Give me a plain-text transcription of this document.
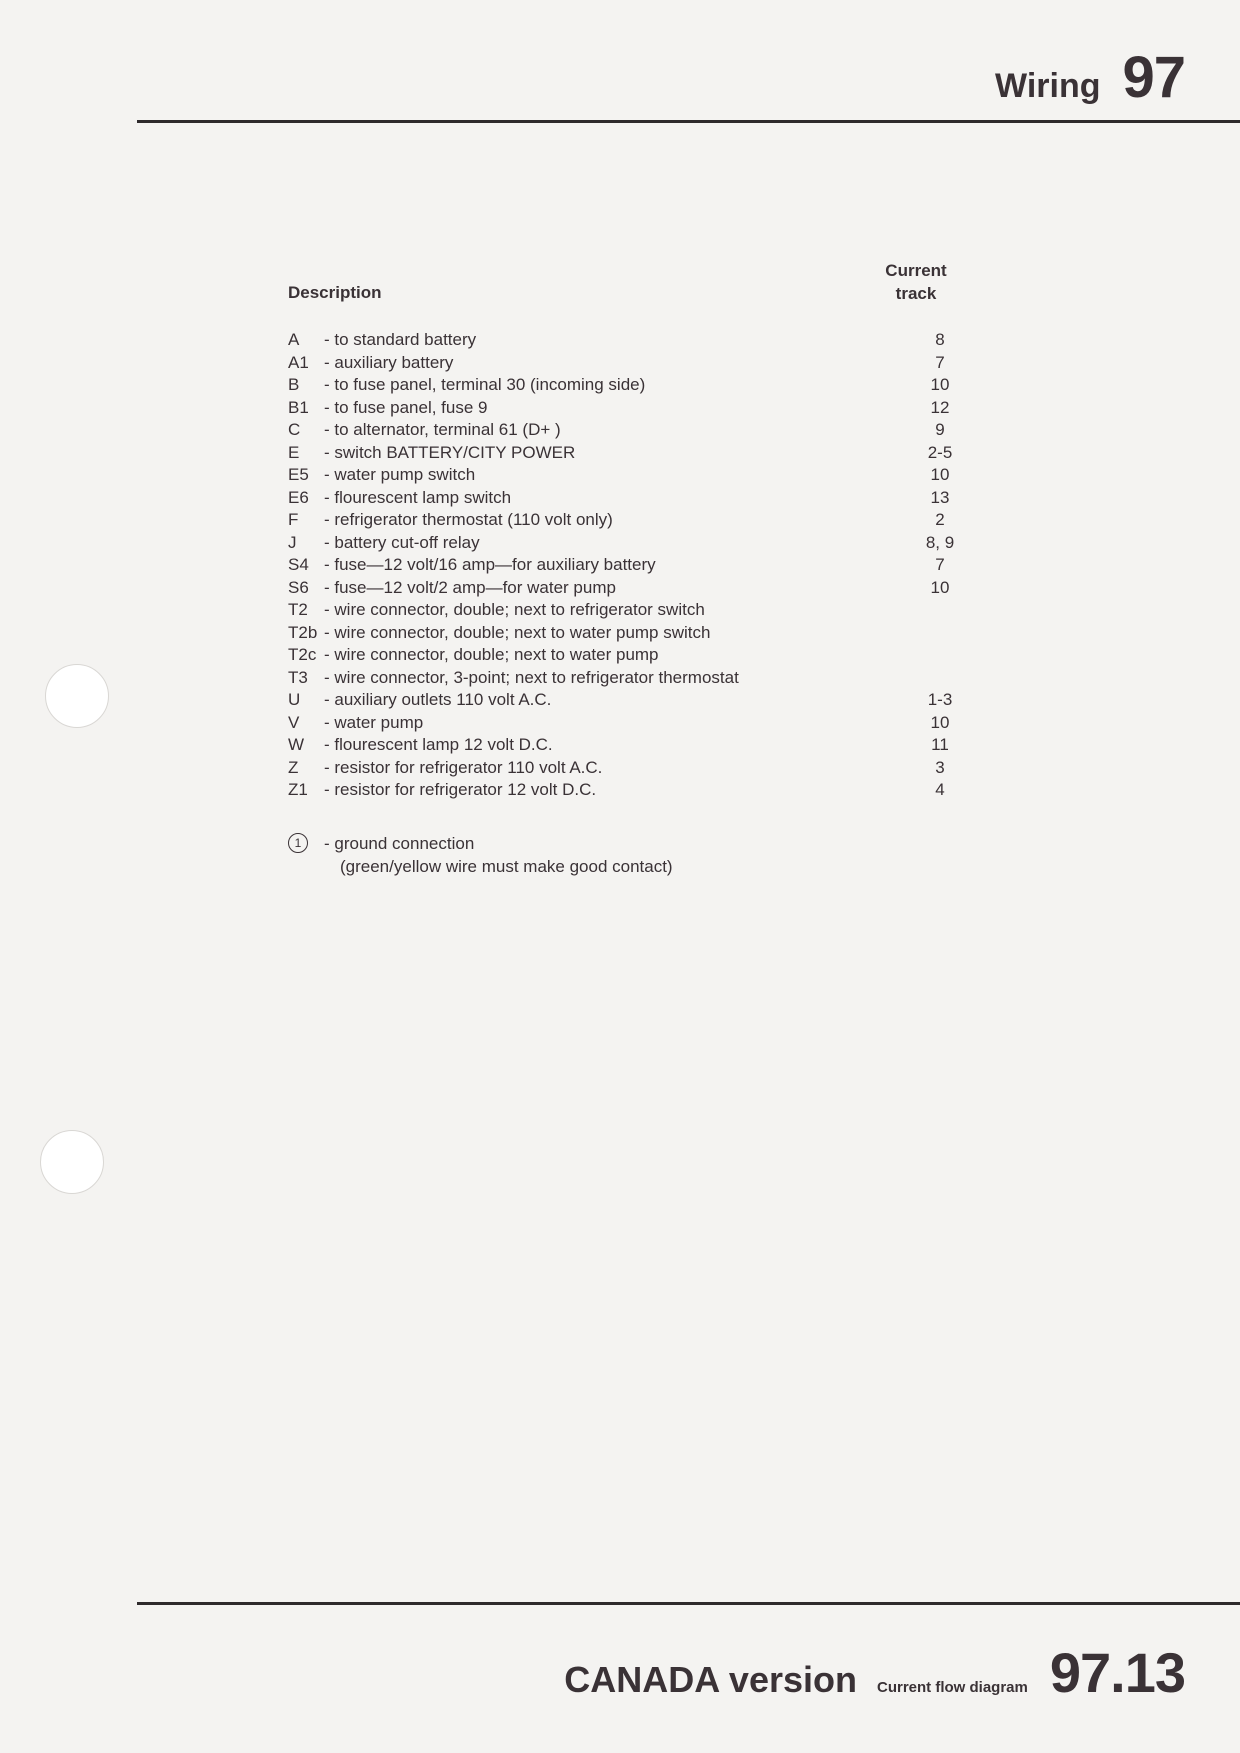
Wiring 97
Description
Current
track
A - to standard battery	8
A1 - auxiliary battery	7
B - to fuse panel, terminal 30 (incoming side)	10
B1 - to fuse panel, fuse 9	12
C - to alternator, terminal 61 (D+ )	9
E - switch BATTERY/CITY POWER	2-5
E5 - water pump switch	10
E6 - flourescent lamp switch	13
F - refrigerator thermostat (110 volt only)	2
J - battery cut-off relay	8, 9
S4 - fuse—12 volt/16 amp—for auxiliary battery	7
S6 - fuse—12 volt/2 amp—for water pump	10
T2 - wire connector, double; next to refrigerator switch
T2b - wire connector, double; next to water pump switch
T2c - wire connector, double; next to water pump
T3 - wire connector, 3-point; next to refrigerator thermostat
U - auxiliary outlets 110 volt A.C.	1-3
V - water pump	10
W - flourescent lamp 12 volt D.C.	11
Z - resistor for refrigerator 110 volt A.C.	3
Z1 - resistor for refrigerator 12 volt D.C.	4
1	- ground connection
(green/yellow wire must make good contact)
CANADA version Current flow diagram 97.13
